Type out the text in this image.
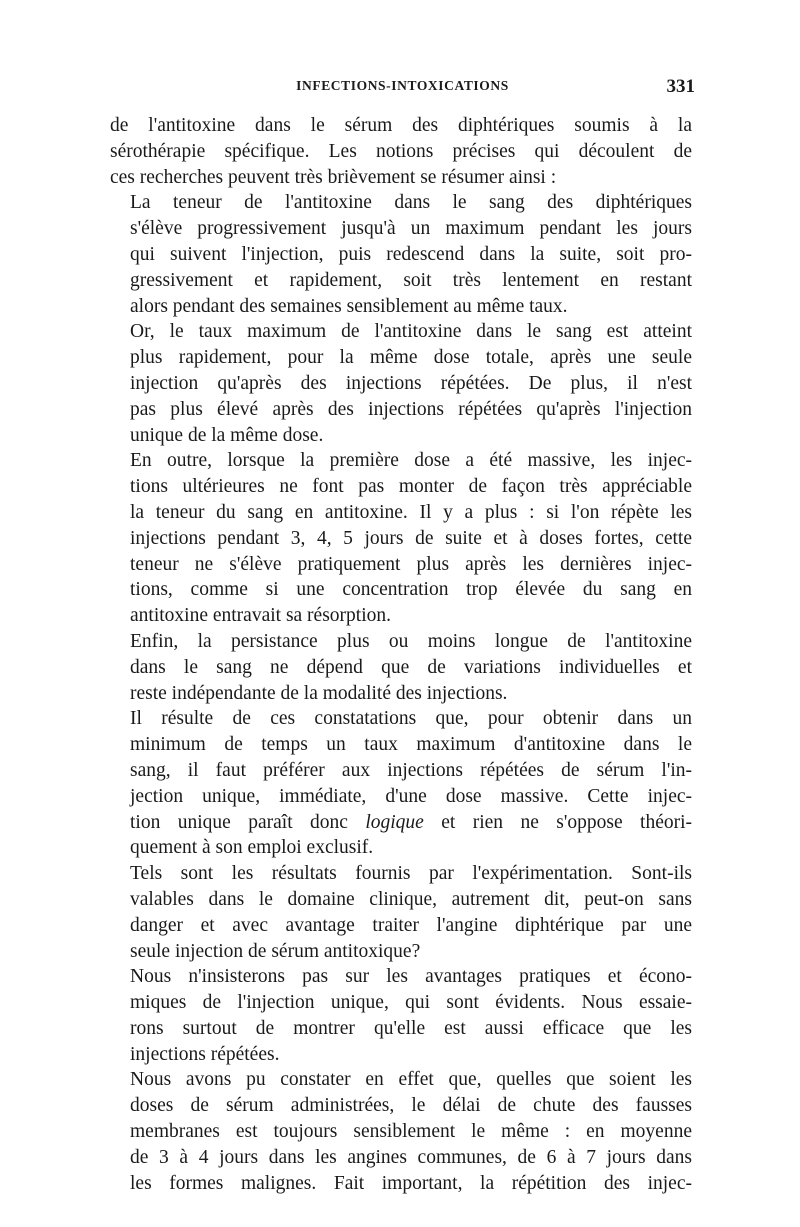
INFECTIONS-INTOXICATIONS	331

de l'antitoxine dans le sérum des diphtériques soumis à la
sérothérapie spécifique. Les notions précises qui découlent de
ces recherches peuvent très brièvement se résumer ainsi :

La teneur de l'antitoxine dans le sang des diphtériques
s'élève progressivement jusqu'à un maximum pendant les jours
qui suivent l'injection, puis redescend dans la suite, soit pro-
gressivement et rapidement, soit très lentement en restant
alors pendant des semaines sensiblement au même taux.

Or, le taux maximum de l'antitoxine dans le sang est atteint
plus rapidement, pour la même dose totale, après une seule
injection qu'après des injections répétées. De plus, il n'est
pas plus élevé après des injections répétées qu'après l'injection
unique de la même dose.

En outre, lorsque la première dose a été massive, les injec-
tions ultérieures ne font pas monter de façon très appréciable
la teneur du sang en antitoxine. Il y a plus : si l'on répète les
injections pendant 3, 4, 5 jours de suite et à doses fortes, cette
teneur ne s'élève pratiquement plus après les dernières injec-
tions, comme si une concentration trop élevée du sang en
antitoxine entravait sa résorption.

Enfin, la persistance plus ou moins longue de l'antitoxine
dans le sang ne dépend que de variations individuelles et
reste indépendante de la modalité des injections.

Il résulte de ces constatations que, pour obtenir dans un
minimum de temps un taux maximum d'antitoxine dans le
sang, il faut préférer aux injections répétées de sérum l'in-
jection unique, immédiate, d'une dose massive. Cette injec-
tion unique paraît donc logique et rien ne s'oppose théori-
quement à son emploi exclusif.

Tels sont les résultats fournis par l'expérimentation. Sont-ils
valables dans le domaine clinique, autrement dit, peut-on sans
danger et avec avantage traiter l'angine diphtérique par une
seule injection de sérum antitoxique?

Nous n'insisterons pas sur les avantages pratiques et écono-
miques de l'injection unique, qui sont évidents. Nous essaie-
rons surtout de montrer qu'elle est aussi efficace que les
injections répétées.

Nous avons pu constater en effet que, quelles que soient les
doses de sérum administrées, le délai de chute des fausses
membranes est toujours sensiblement le même : en moyenne
de 3 à 4 jours dans les angines communes, de 6 à 7 jours dans
les formes malignes. Fait important, la répétition des injec-
